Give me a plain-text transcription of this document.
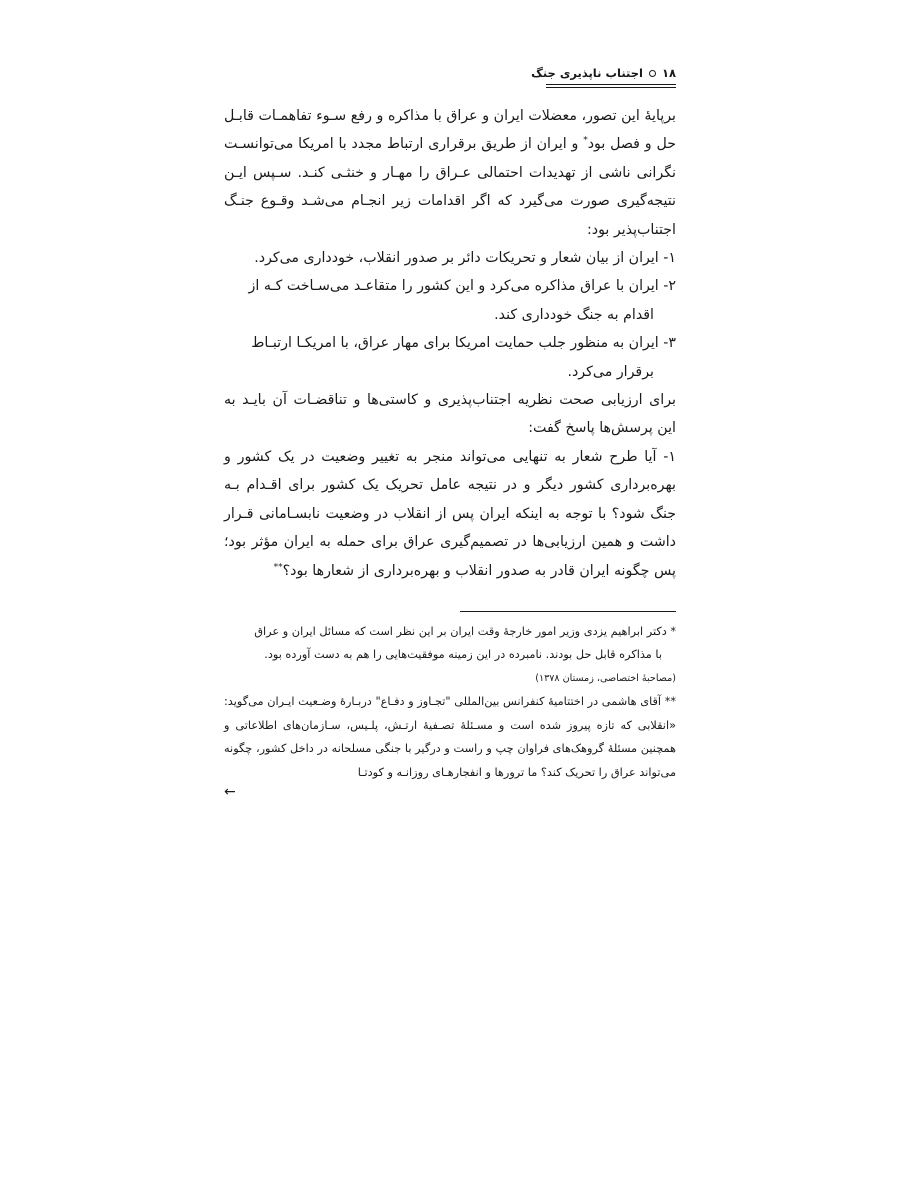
۱۸
اجتناب ناپذیری جنگ

برپایهٔ این تصور، معضلات ایران و عراق با مذاکره و رفع سـوء تفاهمـات قابـل حل و فصل بود* و ایران از طریق برقراری ارتباط مجدد با امریکا می‌توانسـت نگرانی ناشی از تهدیدات احتمالی عـراق را مهـار و خنثـی کنـد. سـپس ایـن نتیجه‌گیری صورت می‌گیرد که اگر اقدامات زیر انجـام می‌شـد وقـوع جنـگ اجتناب‌پذیر بود:

۱- ایران از بیان شعار و تحریکات دائر بر صدور انقلاب، خودداری می‌کرد.

۲- ایران با عراق مذاکره می‌کرد و این کشور را متقاعـد می‌سـاخت کـه از

اقدام به جنگ خودداری کند.

۳- ایران به منظور جلب حمایت امریکا برای مهار عراق، با امریکـا ارتبـاط

برقرار می‌کرد.

برای ارزیابی صحت نظریه اجتناب‌پذیری و کاستی‌ها و تناقضـات آن بایـد به این پرسش‌ها پاسخ گفت:

۱- آیا طرح شعار به تنهایی می‌تواند منجر به تغییر وضعیت در یک کشور و بهره‌برداری کشور دیگر و در نتیجه عامل تحریک یک کشور برای اقـدام بـه جنگ شود؟ با توجه به اینکه ایران پس از انقلاب در وضعیت نابسـامانی قـرار داشت و همین ارزیابی‌ها در تصمیم‌گیری عراق برای حمله به ایران مؤثر بود؛ پس چگونه ایران قادر به صدور انقلاب و بهره‌برداری از شعارها بود؟**

* دکتر ابراهیم یزدی وزیر امور خارجهٔ وقت ایران بر این نظر است که مسائل ایران و عراق

با مذاکره قابل حل بودند. نامبرده در این زمینه موفقیت‌هایی را هم به دست آورده بود.

(مصاحبهٔ اختصاصی، زمستان ۱۳۷۸)

** آقای هاشمی در اختتامیهٔ کنفرانس بین‌المللی "تجـاوز و دفـاع" دربـارهٔ وضـعیت ایـران می‌گوید: «انقلابی که تازه پیروز شده است و مسـئلهٔ تصـفیهٔ ارتـش، پلـیس، سـازمان‌های اطلاعاتی و همچنین مسئلهٔ گروهک‌های فراوان چپ و راست و درگیر با جنگی مسلحانه در داخل کشور، چگونه می‌تواند عراق را تحریک کند؟ ما ترورها و انفجارهـای روزانـه و کودتـا

←
